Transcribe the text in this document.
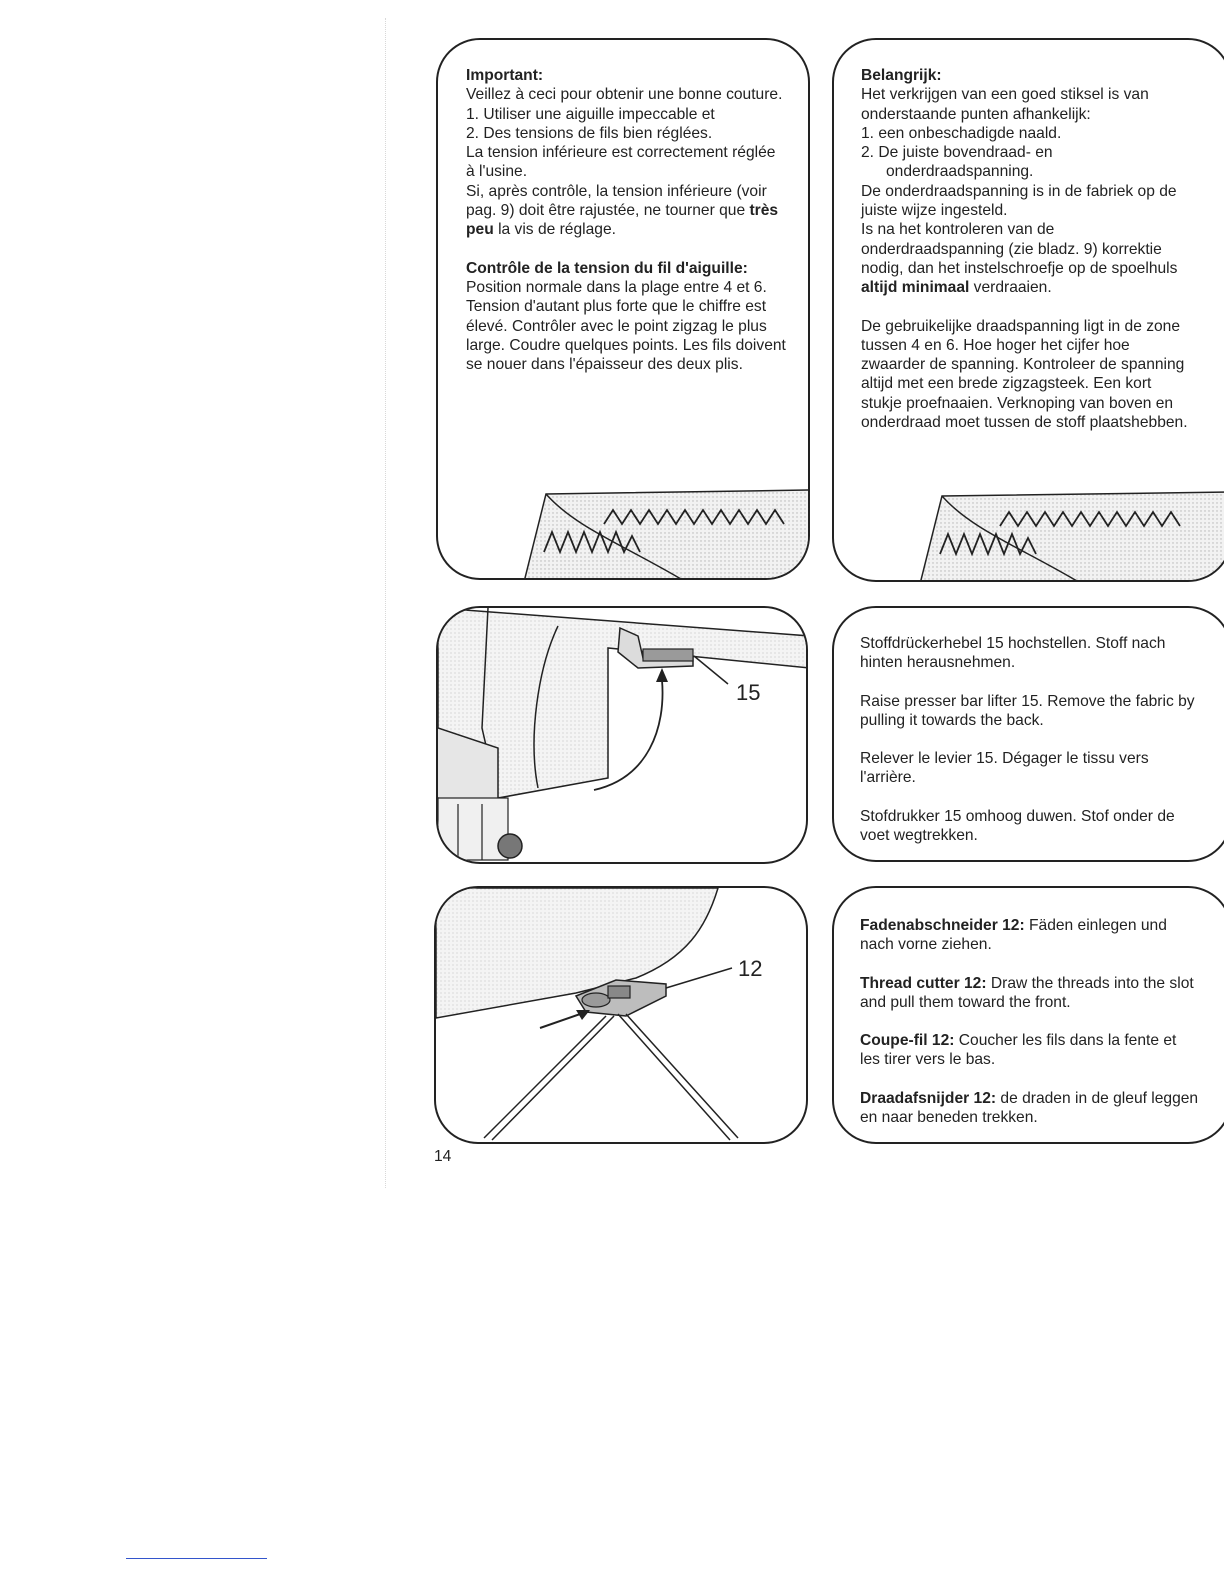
Important:

Veillez à ceci pour obtenir une bonne couture.

1. Utiliser une aiguille impeccable et

2. Des tensions de fils bien réglées.

La tension inférieure est correctement réglée à l'usine.

Si, après contrôle, la tension inférieure (voir pag. 9) doit être rajustée, ne tourner que très peu la vis de réglage.

Contrôle de la tension du fil d'aiguille:

Position normale dans la plage entre 4 et 6. Tension d'autant plus forte que le chiffre est élevé. Contrôler avec le point zigzag le plus large. Coudre quelques points. Les fils doivent se nouer dans l'épaisseur des deux plis.

Belangrijk:

Het verkrijgen van een goed stiksel is van onderstaande punten afhankelijk:

1. een onbeschadigde naald.

2. De juiste bovendraad- en

onderdraadspanning.

De onderdraadspanning is in de fabriek op de juiste wijze ingesteld.

Is na het kontroleren van de onderdraadspanning (zie bladz. 9) korrektie nodig, dan het instelschroefje op de spoelhuls altijd minimaal verdraaien.

De gebruikelijke draadspanning ligt in de zone tussen 4 en 6. Hoe hoger het cijfer hoe zwaarder de spanning. Kontroleer de spanning altijd met een brede zigzagsteek. Een kort stukje proefnaaien. Verknoping van boven en onderdraad moet tussen de stoff plaatshebben.

15

Stoffdrückerhebel 15 hochstellen. Stoff nach hinten herausnehmen.

Raise presser bar lifter 15. Remove the fabric by pulling it towards the back.

Relever le levier 15. Dégager le tissu vers l'arrière.

Stofdrukker 15 omhoog duwen. Stof onder de voet wegtrekken.

12

Fadenabschneider 12: Fäden einlegen und nach vorne ziehen.

Thread cutter 12: Draw the threads into the slot and pull them toward the front.

Coupe-fil 12: Coucher les fils dans la fente et les tirer vers le bas.

Draadafsnijder 12: de draden in de gleuf leggen en naar beneden trekken.

14
